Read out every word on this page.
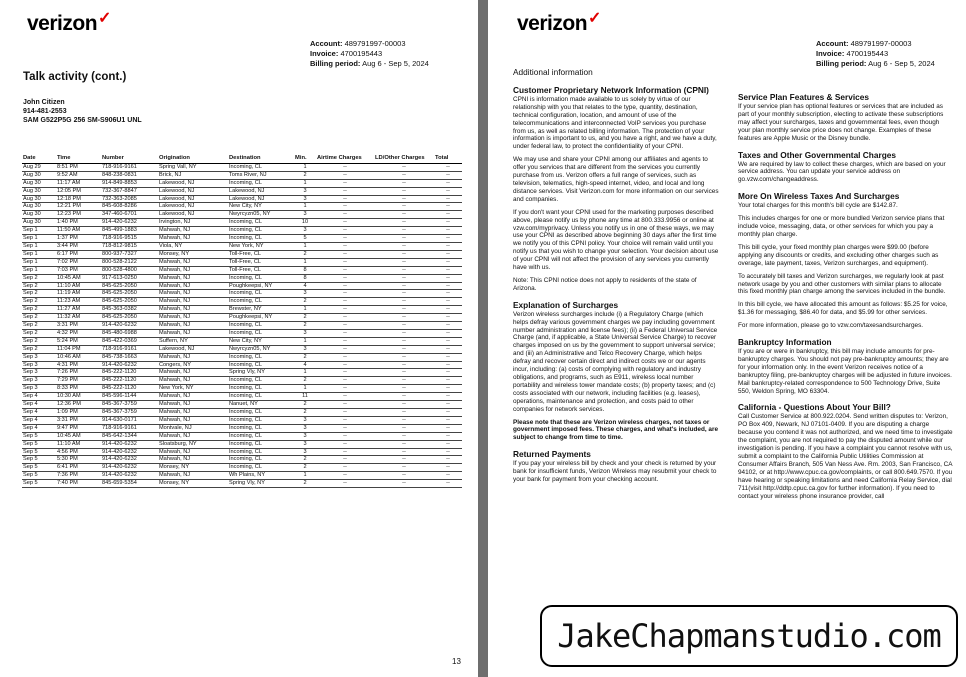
verizon✓
Account: 489791997-00003
Invoice: 4700195443
Billing period: Aug 6 - Sep 5, 2024
Talk activity (cont.)
John Citizen
914-481-2553
SAM G522P5G 256 SM-S906U1 UNL
Date	Time	Number	Origination	Destination	Min.	Airtime Charges	LD/Other Charges	Total
Aug 29	8:51 PM	718-916-9161	Spring Vall, NY	Incoming, CL	1	--	--	--
Aug 30	9:52 AM	848-238-0831	Brick, NJ	Toms River, NJ	2	--	--	--
Aug 30	11:17 AM	914-849-8853	Lakewood, NJ	Incoming, CL	1	--	--	--
Aug 30	12:05 PM	732-367-8847	Lakewood, NJ	Lakewood, NJ	3	--	--	--
Aug 30	12:18 PM	732-363-2085	Lakewood, NJ	Lakewood, NJ	3	--	--	--
Aug 30	12:21 PM	845-608-8286	Lakewood, NJ	New City, NY	1	--	--	--
Aug 30	12:23 PM	347-460-6701	Lakewood, NJ	Nwyrcyzn05, NY	3	--	--	--
Aug 30	1:40 PM	914-420-6232	Irvington, NJ	Incoming, CL	10	--	--	--
Sep 1	11:50 AM	845-499-1883	Mahwah, NJ	Incoming, CL	3	--	--	--
Sep 1	1:37 PM	718-916-9515	Mahwah, NJ	Incoming, CL	5	--	--	--
Sep 1	3:44 PM	718-812-9815	Viola, NY	New York, NY	1	--	--	--
Sep 1	6:17 PM	800-937-7327	Monsey, NY	Toll-Free, CL	2	--	--	--
Sep 1	7:02 PM	800-528-2122	Mahwah, NJ	Toll-Free, CL	1	--	--	--
Sep 1	7:03 PM	800-528-4800	Mahwah, NJ	Toll-Free, CL	8	--	--	--
Sep 2	10:45 AM	917-613-0250	Mahwah, NJ	Incoming, CL	8	--	--	--
Sep 2	11:10 AM	845-625-2050	Mahwah, NJ	Poughkeepsi, NY	4	--	--	--
Sep 2	11:19 AM	845-625-2050	Mahwah, NJ	Incoming, CL	3	--	--	--
Sep 2	11:23 AM	845-625-2050	Mahwah, NJ	Incoming, CL	2	--	--	--
Sep 2	11:27 AM	845-363-0382	Mahwah, NJ	Brewster, NY	1	--	--	--
Sep 2	11:32 AM	845-625-2050	Mahwah, NJ	Poughkeepsi, NY	2	--	--	--
Sep 2	3:31 PM	914-420-6232	Mahwah, NJ	Incoming, CL	2	--	--	--
Sep 2	4:32 PM	845-480-6988	Mahwah, NJ	Incoming, CL	3	--	--	--
Sep 2	5:24 PM	845-422-0369	Suffern, NY	New City, NY	1	--	--	--
Sep 2	11:04 PM	718-916-9161	Lakewood, NJ	Nwyrcyzn05, NY	3	--	--	--
Sep 3	10:46 AM	845-738-1663	Mahwah, NJ	Incoming, CL	2	--	--	--
Sep 3	4:31 PM	914-420-6232	Congers, NY	Incoming, CL	4	--	--	--
Sep 3	7:26 PM	845-222-1120	Mahwah, NJ	Spring Vly, NY	1	--	--	--
Sep 3	7:29 PM	845-222-1120	Mahwah, NJ	Incoming, CL	2	--	--	--
Sep 3	8:33 PM	845-222-1120	New York, NY	Incoming, CL	1	--	--	--
Sep 4	10:30 AM	845-596-1144	Mahwah, NJ	Incoming, CL	11	--	--	--
Sep 4	12:36 PM	845-367-3759	Mahwah, NJ	Nanuet, NY	2	--	--	--
Sep 4	1:09 PM	845-367-3759	Mahwah, NJ	Incoming, CL	2	--	--	--
Sep 4	3:31 PM	914-630-0171	Mahwah, NJ	Incoming, CL	3	--	--	--
Sep 4	9:47 PM	718-916-9161	Montvale, NJ	Incoming, CL	3	--	--	--
Sep 5	10:45 AM	845-642-1344	Mahwah, NJ	Incoming, CL	3	--	--	--
Sep 5	11:10 AM	914-420-6232	Sloatsburg, NY	Incoming, CL	3	--	--	--
Sep 5	4:56 PM	914-420-6232	Mahwah, NJ	Incoming, CL	3	--	--	--
Sep 5	5:30 PM	914-420-6232	Mahwah, NJ	Incoming, CL	2	--	--	--
Sep 5	6:41 PM	914-420-6232	Monsey, NY	Incoming, CL	2	--	--	--
Sep 5	7:36 PM	914-420-6232	Mahwah, NJ	Wh Plains, NY	1	--	--	--
Sep 5	7:40 PM	845-659-5354	Monsey, NY	Spring Vly, NY	2	--	--	--
13
verizon✓
Account: 489791997-00003
Invoice: 4700195443
Billing period: Aug 6 - Sep 5, 2024
Additional information
Customer Proprietary Network Information (CPNI)

CPNI is information made available to us solely by virtue of our relationship with you that relates to the type, quantity, destination, technical configuration, location, and amount of use of the telecommunications and interconnected VoIP services you purchase from us, as well as related billing information. The protection of your information is important to us, and you have a right, and we have a duty, under federal law, to protect the confidentiality of your CPNI.

We may use and share your CPNI among our affiliates and agents to offer you services that are different from the services you currently purchase from us. Verizon offers a full range of services, such as television, telematics, high-speed internet, video, and local and long distance services. Visit Verizon.com for more information on our services and companies.

If you don't want your CPNI used for the marketing purposes described above, please notify us by phone any time at 800.333.9956 or online at vzw.com/myprivacy. Unless you notify us in one of these ways, we may use your CPNI as described above beginning 30 days after the first time we notify you of this CPNI policy. Your choice will remain valid until you notify us that you wish to change your selection. Your decision about use of your CPNI will not affect the provision of any services you currently have with us.

Note: This CPNI notice does not apply to residents of the state of Arizona.

Explanation of Surcharges

Verizon wireless surcharges include (i) a Regulatory Charge (which helps defray various government charges we pay including government number administration and license fees); (ii) a Federal Universal Service Charge (and, if applicable, a State Universal Service Charge) to recover charges imposed on us by the government to support universal service; and (iii) an Administrative and Telco Recovery Charge, which helps defray and recover certain direct and indirect costs we or our agents incur, including: (a) costs of complying with regulatory and industry obligations, and programs, such as E911, wireless local number portability and wireless tower mandate costs; (b) property taxes; and (c) costs associated with our network, including facilities (e.g. leases), operations, maintenance and protection, and costs paid to other companies for network services.

Please note that these are Verizon wireless charges, not taxes or government imposed fees. These charges, and what's included, are subject to change from time to time.

Returned Payments

If you pay your wireless bill by check and your check is returned by your bank for insufficient funds, Verizon Wireless may resubmit your check to your bank for payment from your checking account.

Service Plan Features & Services

If your service plan has optional features or services that are included as part of your monthly subscription, electing to activate these subscriptions may affect your surcharges, taxes and governmental fees, even though your plan monthly service price does not change. Examples of these features are Apple Music or the Disney bundle.

Taxes and Other Governmental Charges

We are required by law to collect these charges, which are based on your service address. You can update your service address on go.vzw.com/changeaddress.

More On Wireless Taxes And Surcharges

Your total charges for this month's bill cycle are $142.87.

This includes charges for one or more bundled Verizon service plans that include voice, messaging, data, or other services for which you pay a monthly plan charge.

This bill cycle, your fixed monthly plan charges were $99.00 (before applying any discounts or credits, and excluding other charges such as overage, late payment, taxes, Verizon surcharges, and equipment).

To accurately bill taxes and Verizon surcharges, we regularly look at past network usage by you and other customers with similar plans to allocate this fixed monthly plan charge among the services included in the bundle.

In this bill cycle, we have allocated this amount as follows: $5.25 for voice, $1.36 for messaging, $86.40 for data, and $5.99 for other services.

For more information, please go to vzw.com/taxesandsurcharges.

Bankruptcy Information

If you are or were in bankruptcy, this bill may include amounts for pre-bankruptcy charges. You should not pay pre-bankruptcy amounts; they are for your information only. In the event Verizon receives notice of a bankruptcy filing, pre-bankruptcy charges will be adjusted in future invoices. Mail bankruptcy-related correspondence to 500 Technology Drive, Suite 550, Weldon Spring, MO 63304.

California - Questions About Your Bill?

Call Customer Service at 800.922.0204. Send written disputes to: Verizon, PO Box 409, Newark, NJ 07101-0409. If you are disputing a charge because you contend it was not authorized, and we need time to investigate the complaint, you are not required to pay the disputed amount while our investigation is pending. If you have a complaint you cannot resolve with us, submit a complaint to the California Public Utilities Commission at Consumer Affairs Branch, 505 Van Ness Ave. Rm. 2003, San Francisco, CA 94102, or at http://www.cpuc.ca.gov/complaints, or call 800.649.7570. If you have hearing or speaking limitations and need California Relay Service, dial 711(visit http://ddtp.cpuc.ca.gov for further information). If you need to contact your wireless phone insurance provider, call

JakeChapmanstudio.com
